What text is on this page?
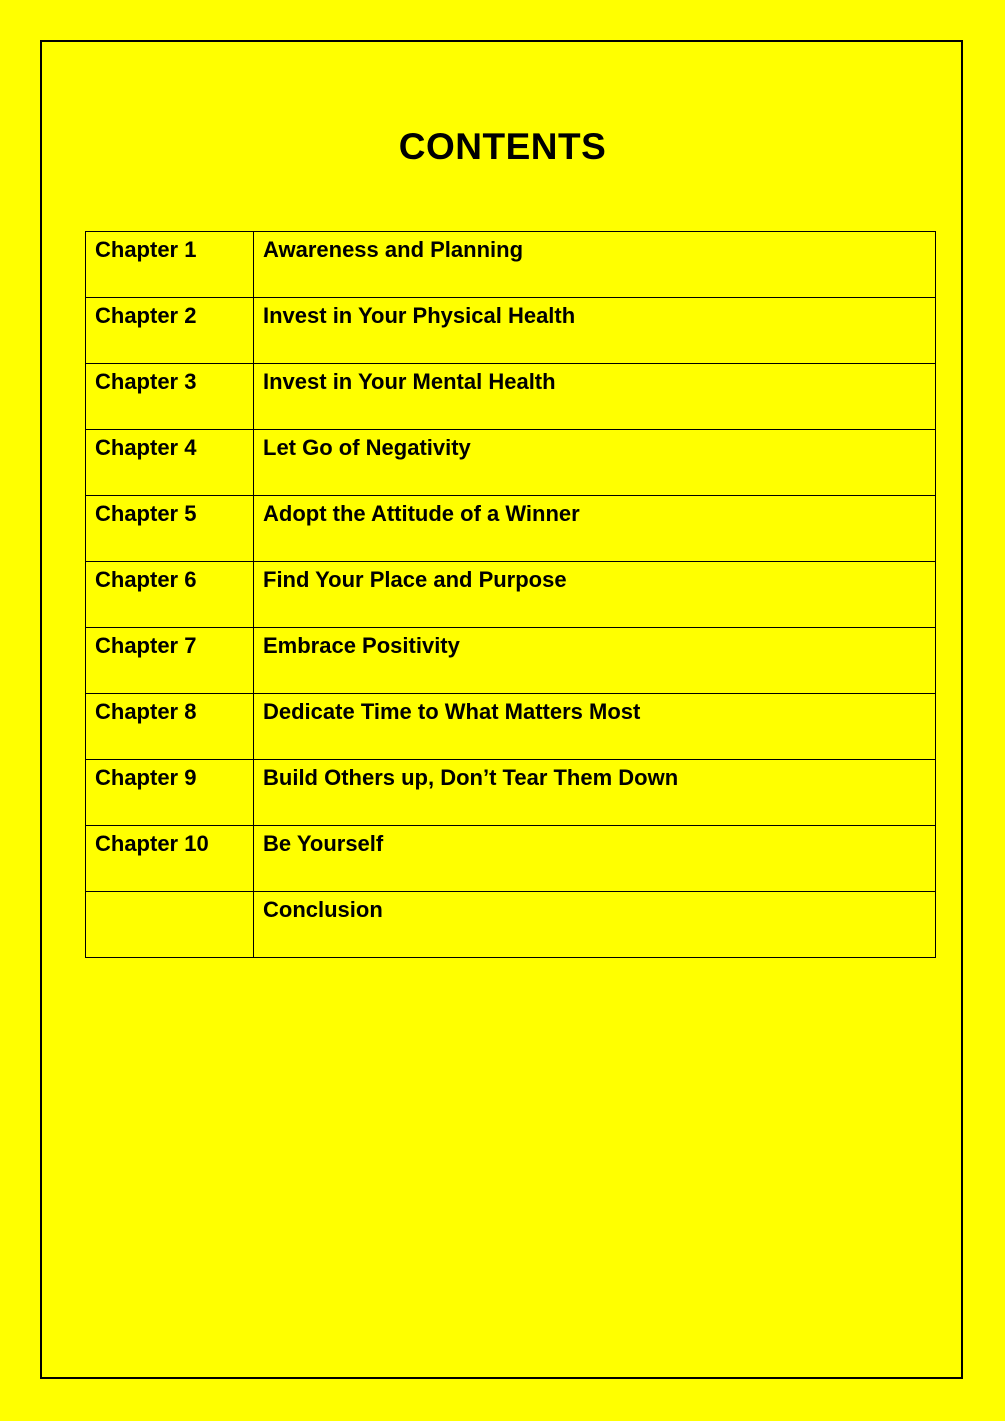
CONTENTS
Chapter 1	Awareness and Planning
Chapter 2	Invest in Your Physical Health
Chapter 3	Invest in Your Mental Health
Chapter 4	Let Go of Negativity
Chapter 5	Adopt the Attitude of a Winner
Chapter 6	Find Your Place and Purpose
Chapter 7	Embrace Positivity
Chapter 8	Dedicate Time to What Matters Most
Chapter 9	Build Others up, Don’t Tear Them Down
Chapter 10	Be Yourself
	Conclusion
